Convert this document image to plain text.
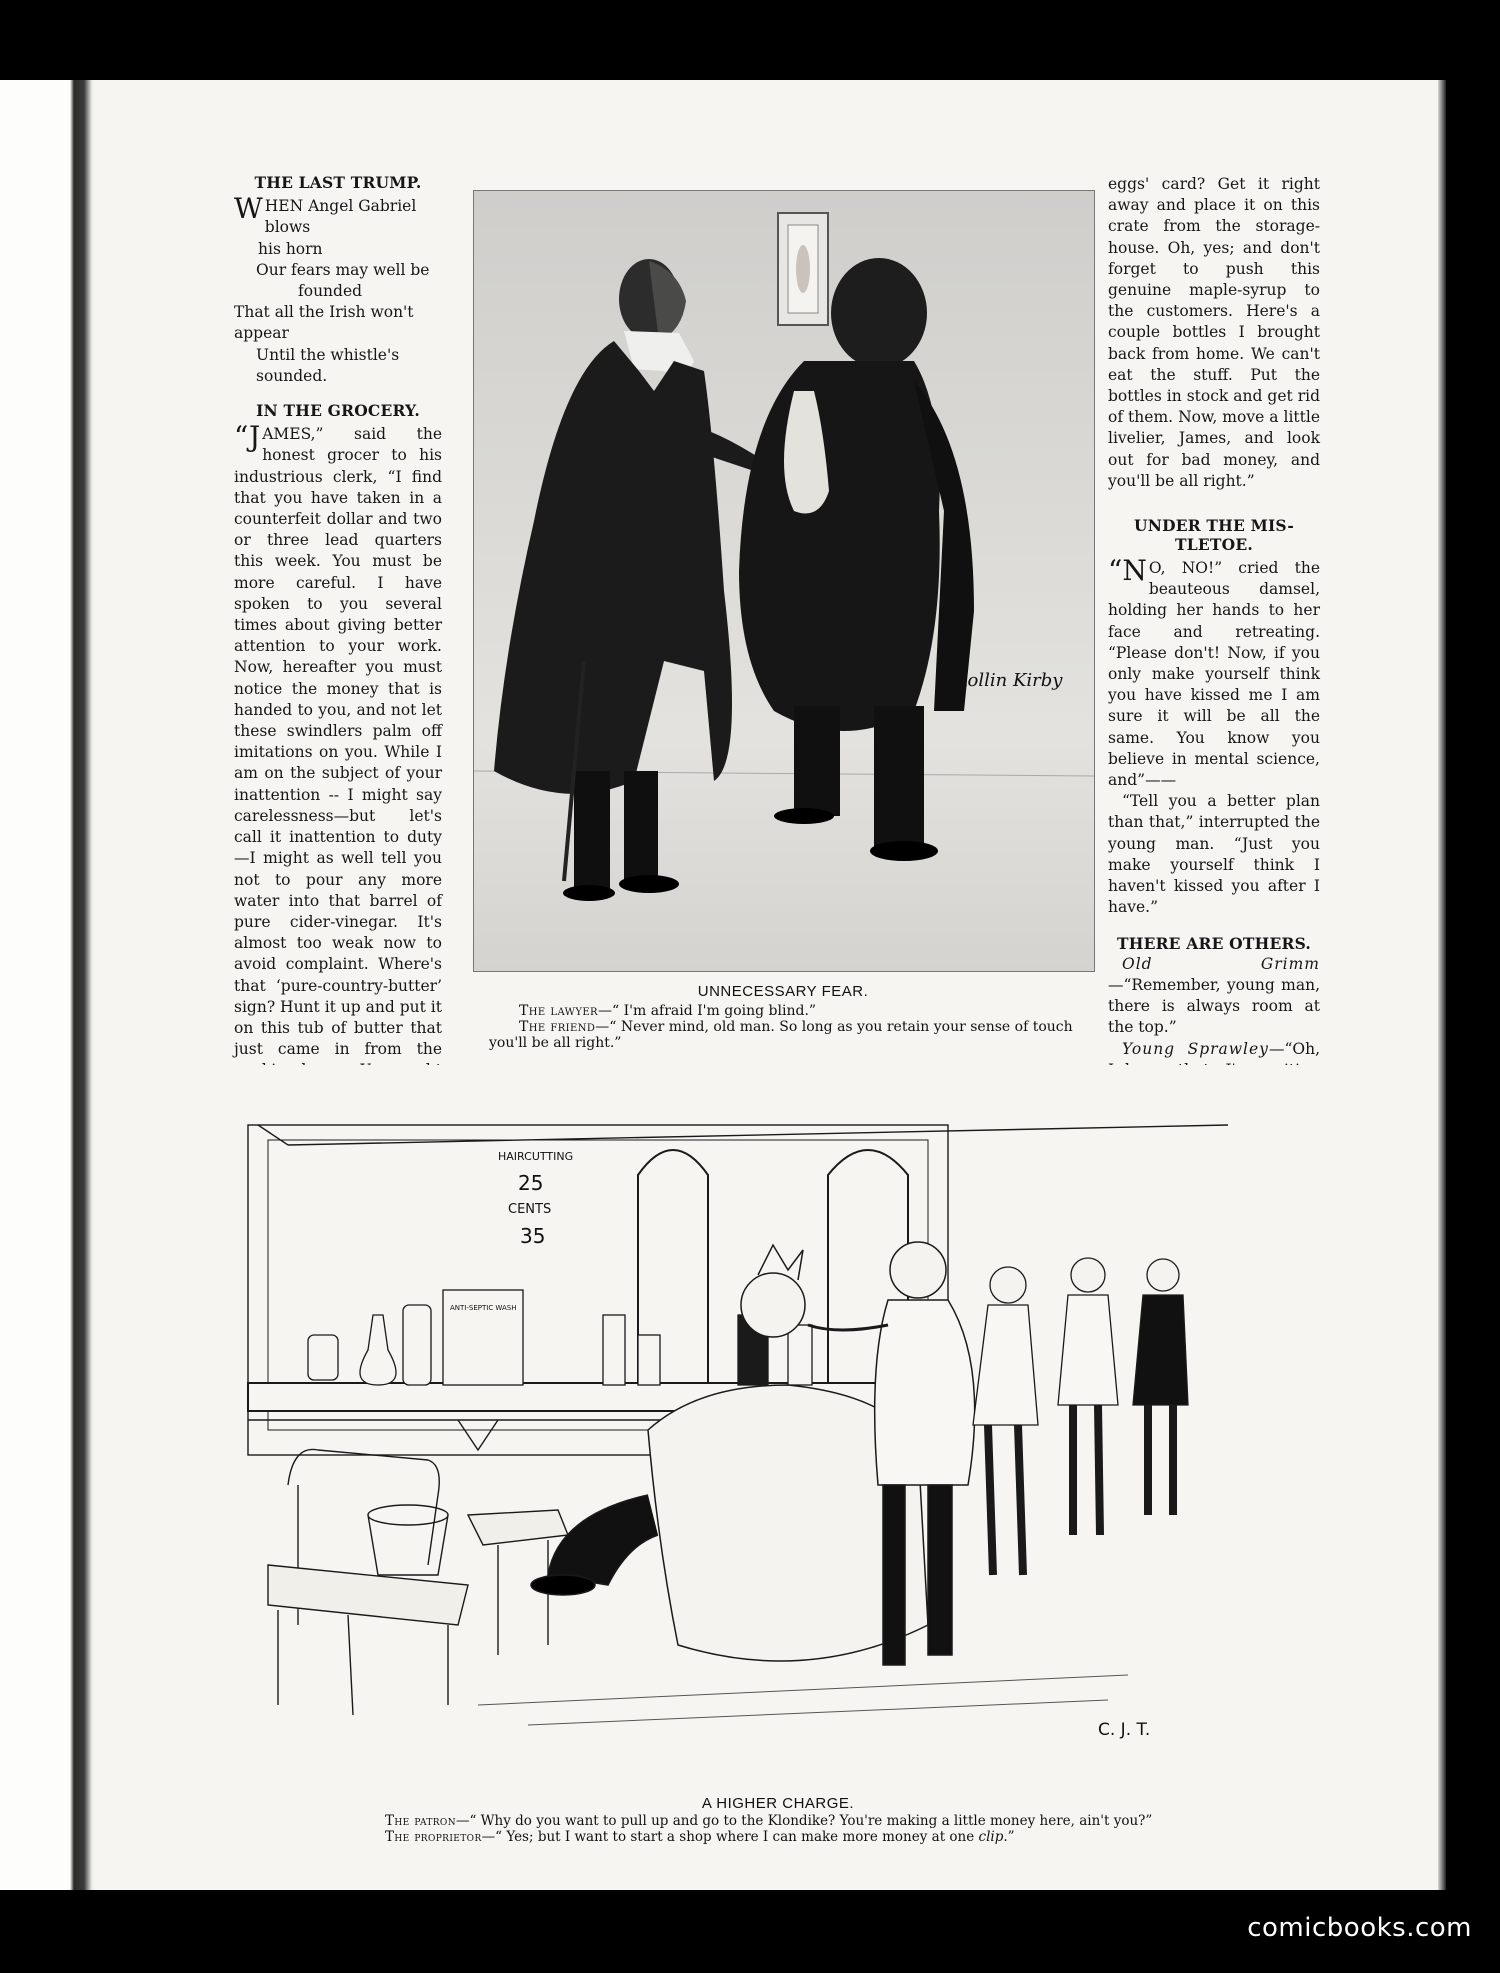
THE LAST TRUMP.
WHEN Angel Gabriel blows
his horn
Our fears may well be
founded
That all the Irish won't appear
Until the whistle's sounded.
IN THE GROCERY.

“JAMES,” said the honest grocer to his industrious clerk, “I find that you have taken in a counterfeit dollar and two or three lead quarters this week. You must be more careful. I have spoken to you several times about giving better attention to your work. Now, hereafter you must notice the money that is handed to you, and not let these swindlers palm off imitations on you. While I am on the subject of your inattention -- I might say carelessness—but let's call it inattention to duty—I might as well tell you not to pour any more water into that barrel of pure cider-vinegar. It's almost too weak now to avoid complaint. Where's that ‘pure-country-butter’ sign? Hunt it up and put it on this tub of butter that just came in from the

Rollin Kirby
UNNECESSARY FEAR.
The lawyer—“ I'm afraid I'm going blind.”
The friend—“ Never mind, old man. So long as you retain your sense of touch
you'll be all right.”

eggs' card? Get it right away and place it on this crate from the storage-house. Oh, yes; and don't forget to push this genuine maple-syrup to the customers. Here's a couple bottles I brought back from home. We can't eat the stuff. Put the bottles in stock and get rid of them. Now, move a little livelier, James, and look out for bad money, and you'll be all right.”

UNDER THE MIS-
TLETOE.

“N O, NO!” cried the beauteous damsel, holding her hands to her face and retreating. “Please don't! Now, if you only make yourself think you have kissed me I am sure it will be all the same. You know you believe in mental science, and”——

“Tell you a better plan than that,” interrupted the young man. “Just you make yourself think I haven't kissed you after I have.”

THERE ARE OTHERS.

Old Grimm—“Remember, young man, there is always room at the top.”

Young Sprawley—“Oh,

HAIRCUTTING
25
CENTS
35
ANTI-SEPTIC WASH
C. J. T.
A HIGHER CHARGE.
The patron—“ Why do you want to pull up and go to the Klondike? You're making a little money here, ain't you?”
The proprietor—“ Yes; but I want to start a shop where I can make more money at one clip.”
comicbooks.com
